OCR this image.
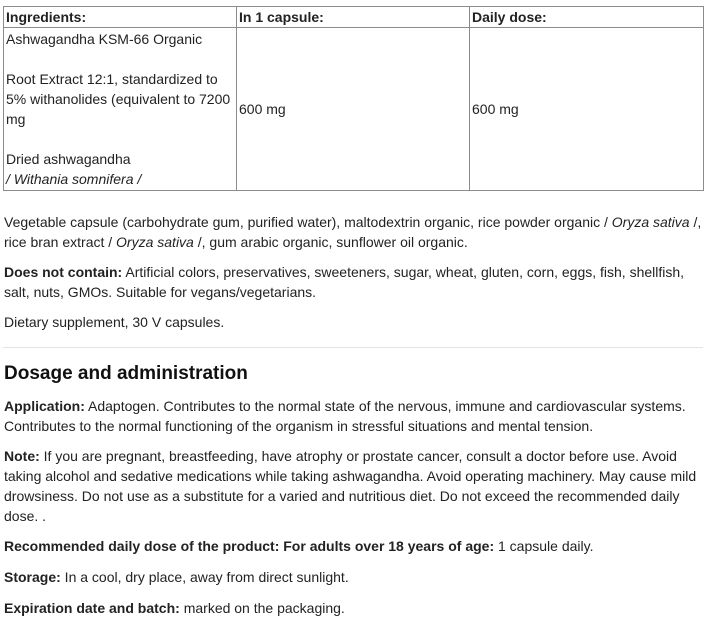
Ingredients:	In 1 capsule:	Daily dose:

Ashwagandha KSM-66 Organic
Root Extract 12:1, standardized to 5% withanolides (equivalent to 7200 mg
Dried ashwagandha
/ Withania somnifera /	600 mg	600 mg

Vegetable capsule (carbohydrate gum, purified water), maltodextrin organic, rice powder organic / Oryza sativa /, rice bran extract / Oryza sativa /, gum arabic organic, sunflower oil organic.

Does not contain: Artificial colors, preservatives, sweeteners, sugar, wheat, gluten, corn, eggs, fish, shellfish, salt, nuts, GMOs. Suitable for vegans/vegetarians.

Dietary supplement, 30 V capsules.

Dosage and administration

Application: Adaptogen. Contributes to the normal state of the nervous, immune and cardiovascular systems. Contributes to the normal functioning of the organism in stressful situations and mental tension.

Note: If you are pregnant, breastfeeding, have atrophy or prostate cancer, consult a doctor before use. Avoid taking alcohol and sedative medications while taking ashwagandha. Avoid operating machinery. May cause mild drowsiness. Do not use as a substitute for a varied and nutritious diet. Do not exceed the recommended daily dose. .

Recommended daily dose of the product: For adults over 18 years of age: 1 capsule daily.

Storage: In a cool, dry place, away from direct sunlight.

Expiration date and batch: marked on the packaging.
